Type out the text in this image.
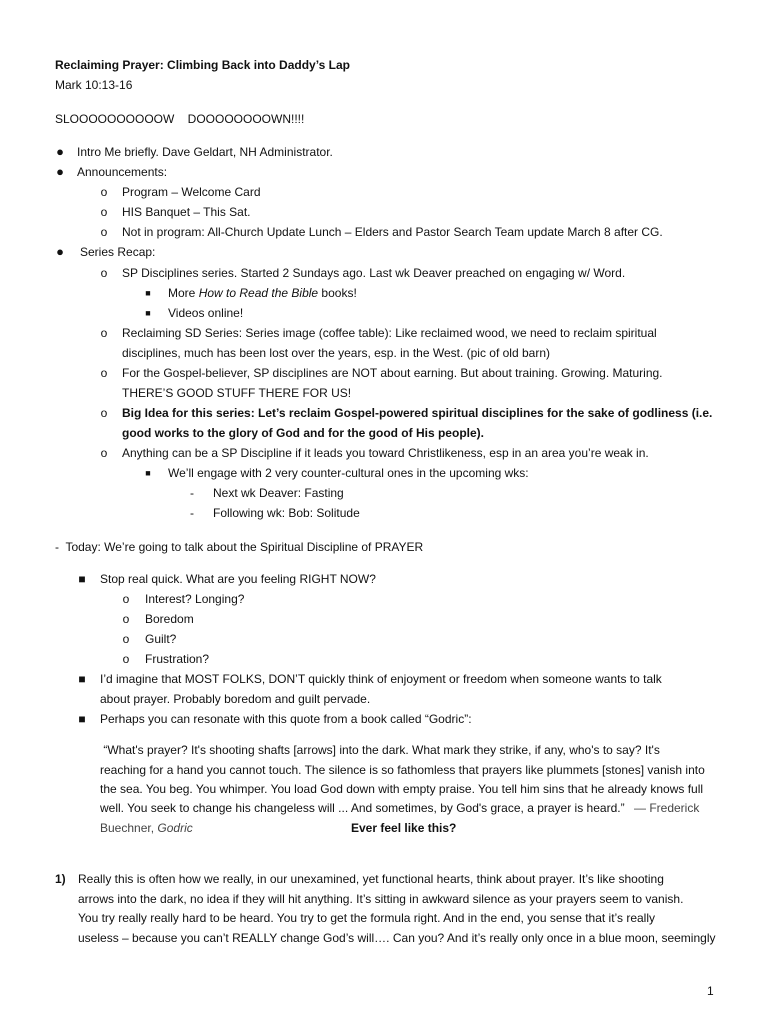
Reclaiming Prayer: Climbing Back into Daddy’s Lap
Mark 10:13-16
SLOOOOOOOOOOW    DOOOOOOOOWN!!!!
● Intro Me briefly. Dave Geldart, NH Administrator.
● Announcements:
o	Program – Welcome Card
o	HIS Banquet – This Sat.
o	Not in program: All-Church Update Lunch – Elders and Pastor Search Team update March 8 after CG.
● Series Recap:
o	SP Disciplines series. Started 2 Sundays ago. Last wk Deaver preached on engaging w/ Word.
■	More How to Read the Bible books!
■	Videos online!
o	Reclaiming SD Series: Series image (coffee table): Like reclaimed wood, we need to reclaim spiritual
disciplines, much has been lost over the years, esp. in the West. (pic of old barn)
o	For the Gospel-believer, SP disciplines are NOT about earning. But about training. Growing. Maturing.
THERE’S GOOD STUFF THERE FOR US!
o	Big Idea for this series: Let’s reclaim Gospel-powered spiritual disciplines for the sake of godliness (i.e.
good works to the glory of God and for the good of His people).
o	Anything can be a SP Discipline if it leads you toward Christlikeness, esp in an area you’re weak in.
■	We’ll engage with 2 very counter-cultural ones in the upcoming wks:
-	Next wk Deaver: Fasting
-	Following wk: Bob: Solitude
-  Today: We’re going to talk about the Spiritual Discipline of PRAYER
■ Stop real quick. What are you feeling RIGHT NOW?
o	Interest? Longing?
o	Boredom
o	Guilt?
o	Frustration?
■ I’d imagine that MOST FOLKS, DON’T quickly think of enjoyment or freedom when someone wants to talk
about prayer. Probably boredom and guilt pervade.
■ Perhaps you can resonate with this quote from a book called “Godric”:
“What's prayer? It's shooting shafts [arrows] into the dark. What mark they strike, if any, who's to say? It's
reaching for a hand you cannot touch. The silence is so fathomless that prayers like plummets [stones] vanish into
the sea. You beg. You whimper. You load God down with empty praise. You tell him sins that he already knows full
well. You seek to change his changeless will ... And sometimes, by God's grace, a prayer is heard.” — Frederick
Buechner, Godric	Ever feel like this?
1) Really this is often how we really, in our unexamined, yet functional hearts, think about prayer. It’s like shooting
arrows into the dark, no idea if they will hit anything. It’s sitting in awkward silence as your prayers seem to vanish.
You try really really hard to be heard. You try to get the formula right. And in the end, you sense that it’s really
useless – because you can’t REALLY change God’s will…. Can you? And it’s really only once in a blue moon, seemingly
1
